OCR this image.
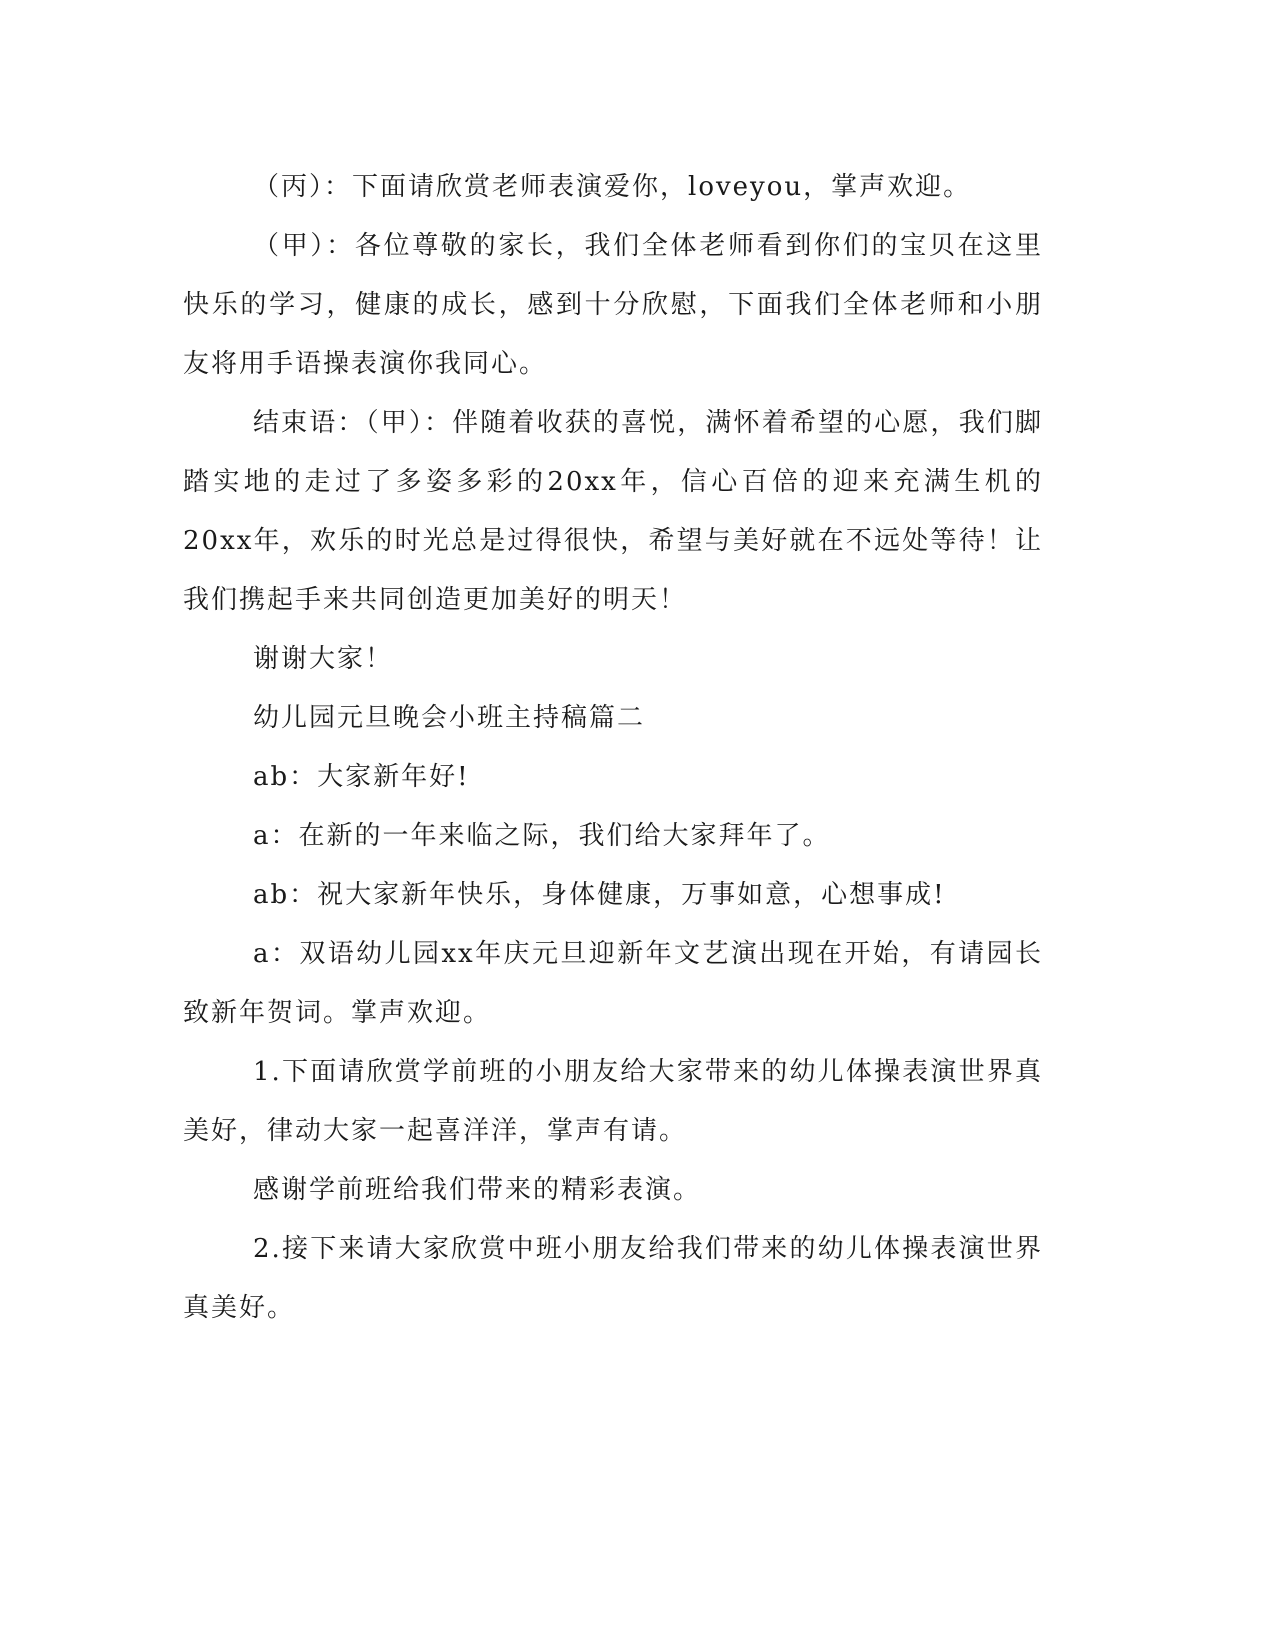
（丙）：下面请欣赏老师表演爱你，loveyou，掌声欢迎。

（甲）：各位尊敬的家长，我们全体老师看到你们的宝贝在这里快乐的学习，健康的成长，感到十分欣慰，下面我们全体老师和小朋友将用手语操表演你我同心。

结束语：（甲）：伴随着收获的喜悦，满怀着希望的心愿，我们脚踏实地的走过了多姿多彩的20xx年，信心百倍的迎来充满生机的20xx年，欢乐的时光总是过得很快，希望与美好就在不远处等待！让我们携起手来共同创造更加美好的明天！

谢谢大家！

幼儿园元旦晚会小班主持稿篇二

ab：大家新年好!

a：在新的一年来临之际，我们给大家拜年了。

ab：祝大家新年快乐，身体健康，万事如意，心想事成!

a：双语幼儿园xx年庆元旦迎新年文艺演出现在开始，有请园长致新年贺词。掌声欢迎。

1.下面请欣赏学前班的小朋友给大家带来的幼儿体操表演世界真美好，律动大家一起喜洋洋，掌声有请。

感谢学前班给我们带来的精彩表演。

2.接下来请大家欣赏中班小朋友给我们带来的幼儿体操表演世界真美好。
